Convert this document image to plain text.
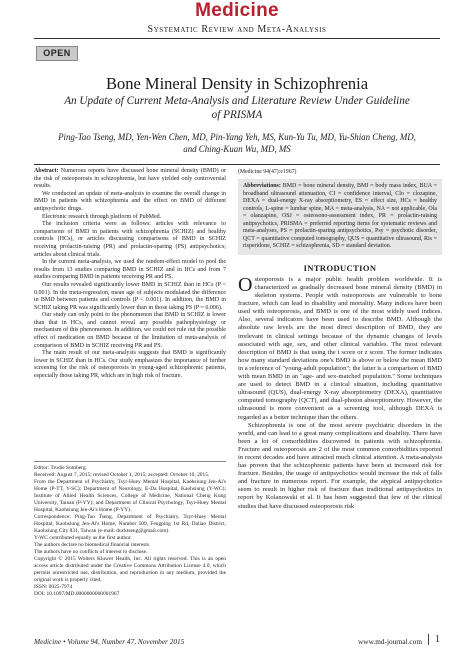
Medicine
Systematic Review and Meta-Analysis
OPEN
Bone Mineral Density in Schizophrenia
An Update of Current Meta-Analysis and Literature Review Under Guideline of PRISMA
Ping-Tao Tseng, MD, Yen-Wen Chen, MD, Pin-Yang Yeh, MS, Kun-Yu Tu, MD, Yu-Shian Cheng, MD, and Ching-Kuan Wu, MD, MS

Abstract: Numerous reports have discussed bone mineral density (BMD) or the risk of osteoporosis in schizophrenia, but have yielded only controversial results.

We conducted an update of meta-analysis to examine the overall change in BMD in patients with schizophrenia and the effect on BMD of different antipsychotic drugs.

Electronic research through platform of PubMed.

The inclusion criteria were as follows: articles with relevance to comparisons of BMD in patients with schizophrenia (SCHIZ) and healthy controls (HCs), or articles discussing comparisons of BMD in SCHIZ receiving prolactin-raising (PR) and prolactin-sparing (PS) antipsychotics; articles about clinical trials.

In the current meta-analysis, we used the random-effect model to pool the results from 13 studies comparing BMD in SCHIZ and in HCs and from 7 studies comparing BMD in patients receiving PR and PS.

Our results revealed significantly lower BMD in SCHIZ than in HCs (P < 0.001). In the meta-regression, mean age of subjects modulated the difference in BMD between patients and controls (P < 0.001). In addition, the BMD in SCHIZ taking PR was significantly lower than in those taking PS (P = 0.006).

Our study can only point to the phenomenon that BMD in SCHIZ is lower than that in HCs, and cannot reveal any possible pathophysiology or mechanism of this phenomenon. In addition, we could not rule out the possible effect of medication on BMD because of the limitation of meta-analysis of comparison of BMD in SCHIZ receiving PR and PS.

The main result of our meta-analysis suggests that BMD is significantly lower in SCHIZ than in HCs. Our study emphasizes the importance of further screening for the risk of osteoporosis in young-aged schizophrenic patients, especially those taking PR, which are in high risk of fracture.

Editor: Trudie Somberg.

Received: August 7, 2015; revised October 1, 2015; accepted: October 10, 2015.

From the Department of Psychiatry, Tsyr-Huey Mental Hospital, Kaohsiung Jen-Ai's Home (P-TT, Y-SC); Department of Neurology, E-Da Hospital, Kaohsiung (Y-WC); Institute of Allied Health Sciences, College of Medicine, National Cheng Kung University, Tainan (P-YY); and Department of Clinical Psychology, Tsyr-Huey Mental Hospital, Kaohsiung Jen-Ai's Home (P-YY).

Correspondence: Ping-Tao Tseng, Department of Psychiatry, Tsyr-Huey Mental Hospital, Kaohsiung Jen-Ai's Home, Number 509, Fengping 1st Rd, Daliao District, Kaohsiung City 831, Taiwan (e-mail: ducktseng@gmail.com).

Y-WC contributed equally as the first author.

The authors declare no biomedical financial interests.

The authors have no conflicts of interest to disclose.

Copyright © 2015 Wolters Kluwer Health, Inc. All rights reserved. This is an open access article distributed under the Creative Commons Attribution License 4.0, which permits unrestricted use, distribution, and reproduction in any medium, provided the original work is properly cited.

ISSN: 0025-7974

DOI: 10.1097/MD.0000000000001967

(Medicine 94(47):e1967)
Abbreviations: BMD = bone mineral density, BMI = body mass index, BUA = broadband ultrasound attenuation, CI = confidence interval, Clo = clozapine, DEXA = dual-energy X-ray absorptiometry, ES = effect size, HCs = healthy controls, L-spine = lumbar spine, MA = meta-analysis, NA = not applicable, Ola = olanzapine, OSJ = osteosono-assessment index, PR = prolactin-raising antipsychotics, PRISMA = preferred reporting items for systematic reviews and meta-analyses, PS = prolactin-sparing antipsychotics, Psy = psychotic disorder, QCT = quantitative computed tomography, QUS = quantitative ultrasound, Ris = risperidone, SCHIZ = schizophrenia, SD = standard deviation.
INTRODUCTION

Osteoporosis is a major public health problem worldwide. It is characterized as gradually decreased bone mineral density (BMD) in skeleton systems. People with osteoporosis are vulnerable to bone fracture, which can lead to disability and mortality. Many indices have been used with osteoporosis, and BMD is one of the most widely used indices. Also, several indicators have been used to describe BMD. Although the absolute raw levels are the most direct description of BMD, they are irrelevant in clinical settings because of the dynamic changes of levels associated with age, sex, and other clinical variables. The most relevant description of BMD is that using the t score or z score. The former indicates how many standard deviations one's BMD is above or below the mean BMD in a reference of "young-adult population"; the latter is a comparison of BMD with mean BMD in an "age- and sex-matched population." Some techniques are used to detect BMD in a clinical situation, including quantitative ultrasound (QUS), dual-energy X-ray absorptiometry (DEXA), quantitative computed tomography (QCT), and dual-photon absorptiometry. However, the ultrasound is more convenient as a screening tool, although DEXA is regarded as a better technique than the others.

Schizophrenia is one of the most severe psychiatric disorders in the world, and can lead to a great many complications and disability. There have been a lot of comorbidities discovered in patients with schizophrenia. Fracture and osteoporosis are 2 of the most common comorbidities reported in recent decades and have attracted much clinical attention. A meta-analysis has proven that the schizophrenic patients have been at increased risk for fracture. Besides, the usage of antipsychotics would increase the risk of falls and fracture in numerous report. For example, the atypical antipsychotics seem to result in higher risk of fracture than traditional antipsychotics in report by Kolanowski et al. It has been suggested that few of the clinical studies that have discussed osteoporosis risk

Medicine • Volume 94, Number 47, November 2015	www.md-journal.com	1
